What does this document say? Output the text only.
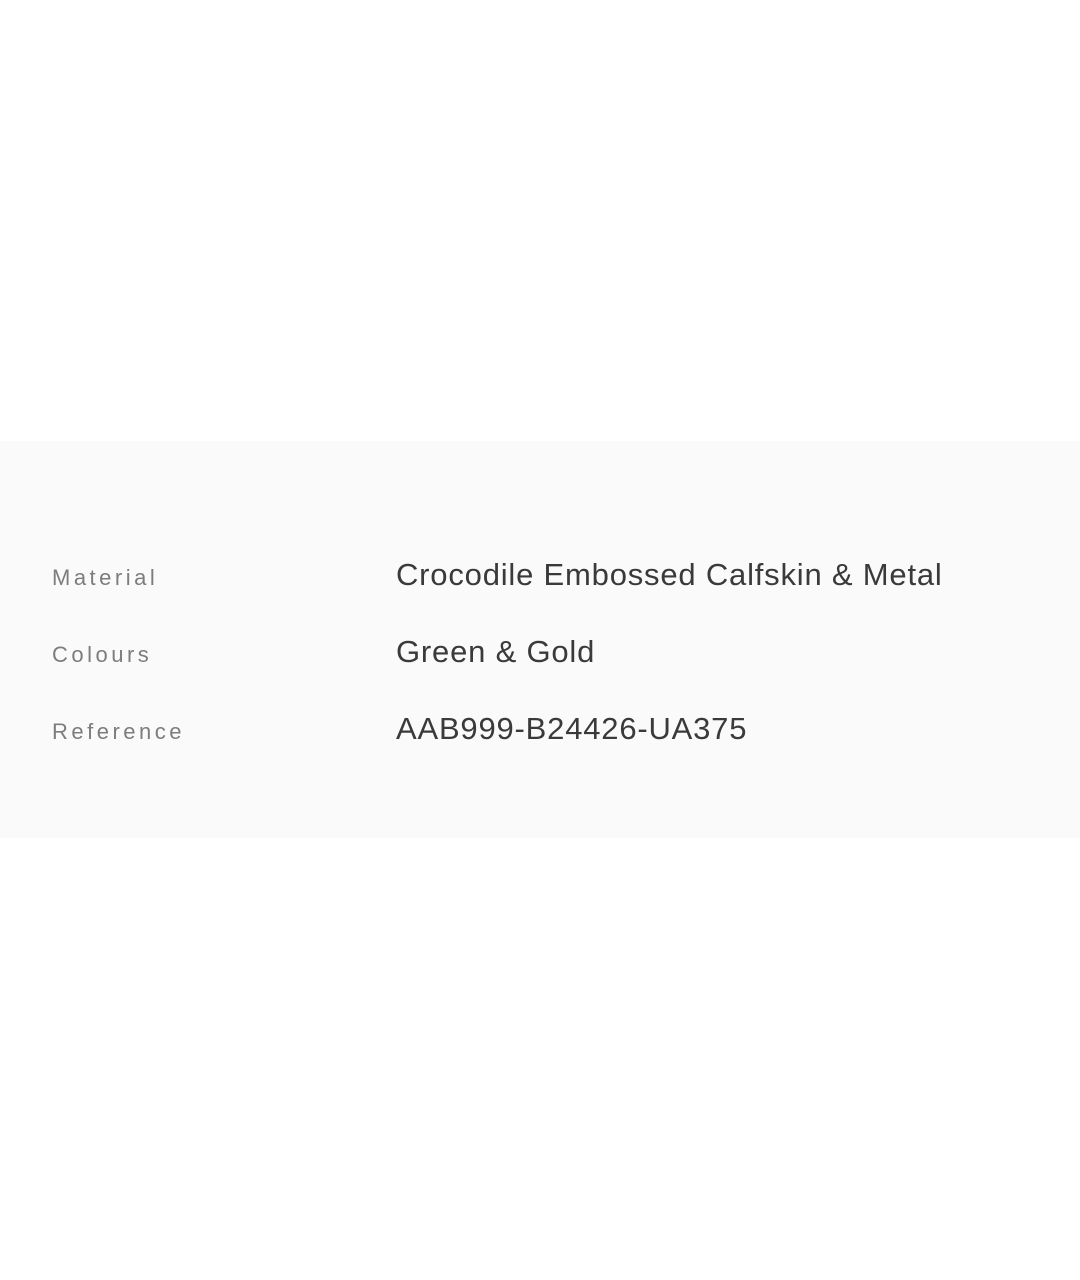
Material	Crocodile Embossed Calfskin & Metal
Colours	Green & Gold
Reference	AAB999-B24426-UA375
